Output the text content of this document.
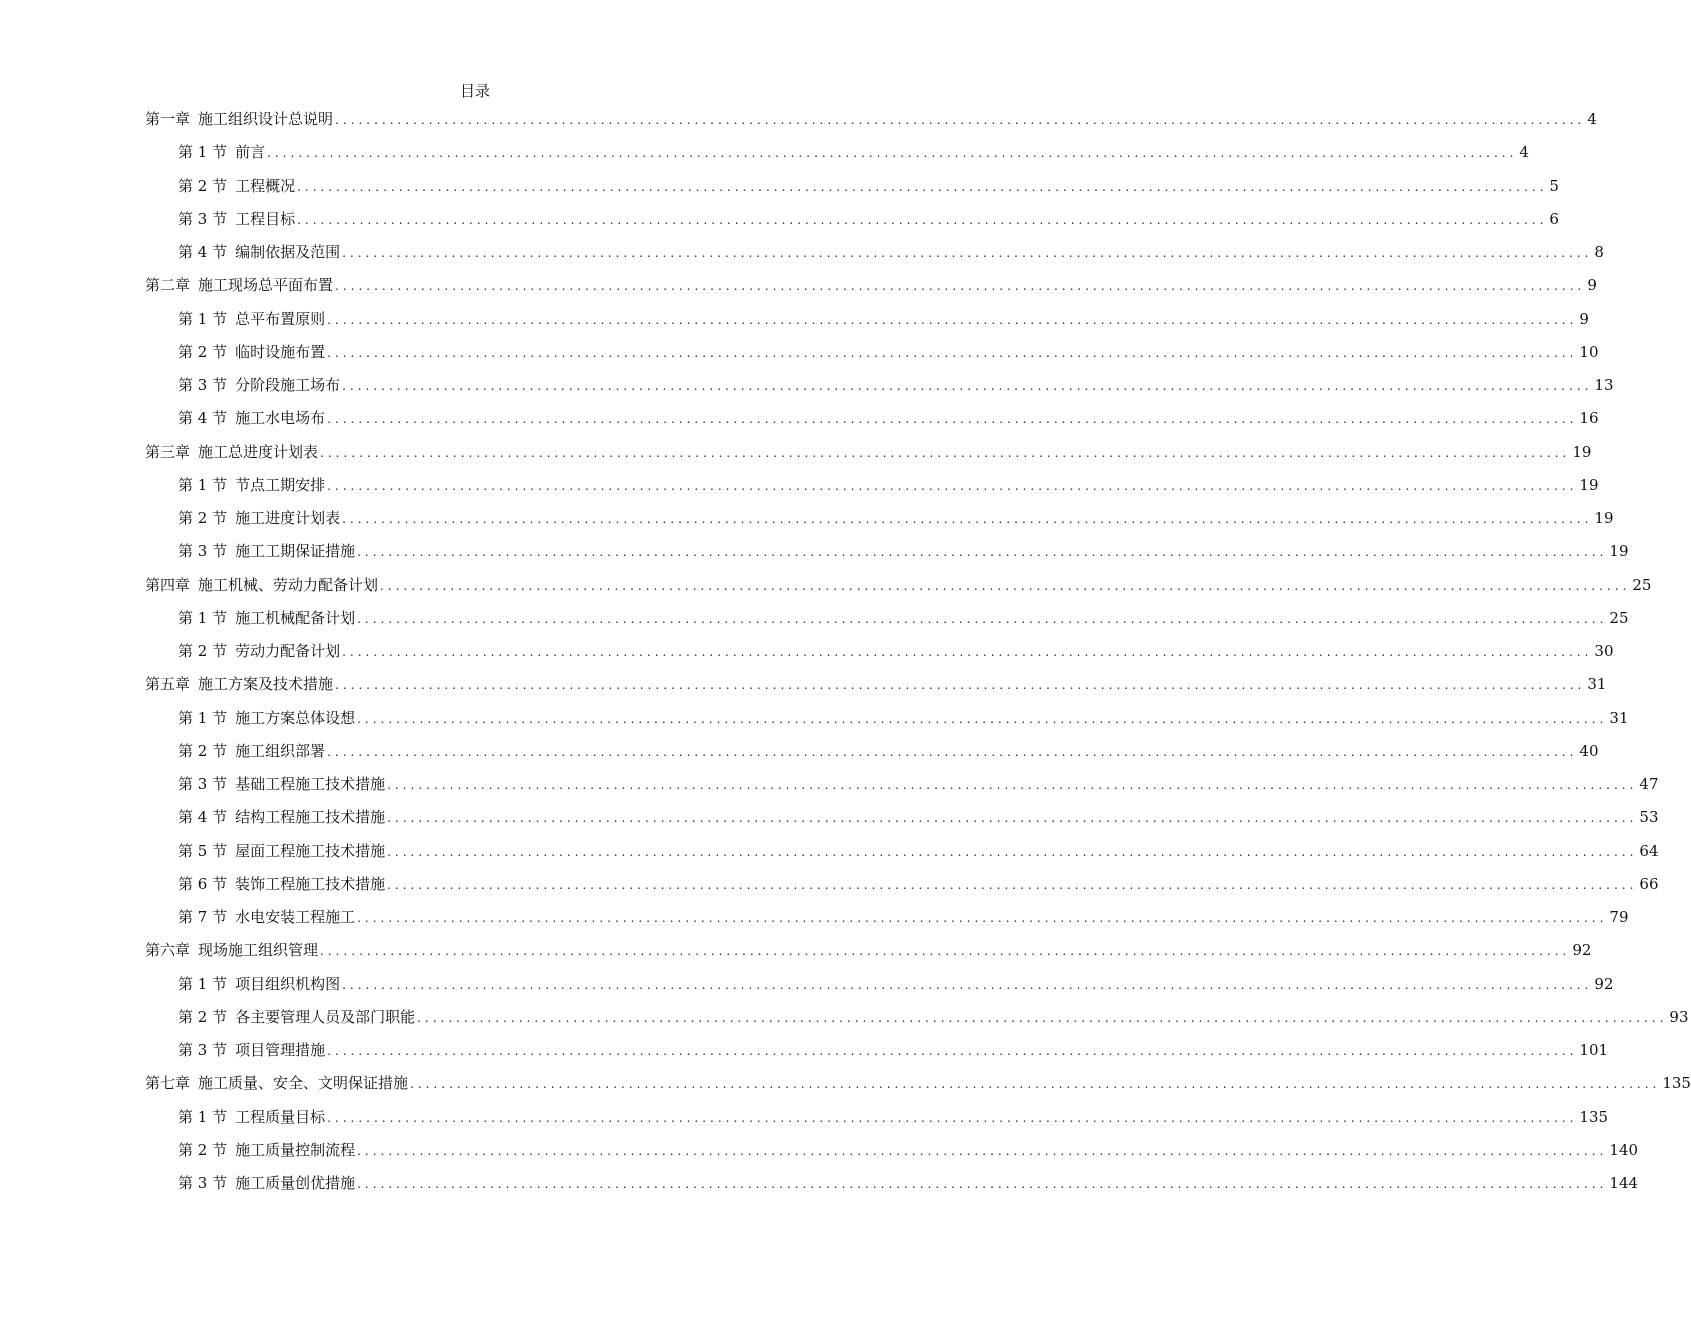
目录
第一章 施工组织设计总说明 ................................................................................................................................................................ 4
第 1 节 前言 ................................................................................................................................................................ 4
第 2 节 工程概况 ................................................................................................................................................................ 5
第 3 节 工程目标 ................................................................................................................................................................ 6
第 4 节 编制依据及范围 ................................................................................................................................................................ 8
第二章 施工现场总平面布置 ................................................................................................................................................................ 9
第 1 节 总平布置原则 ................................................................................................................................................................ 9
第 2 节 临时设施布置 ................................................................................................................................................................ 10
第 3 节 分阶段施工场布 ................................................................................................................................................................ 13
第 4 节 施工水电场布 ................................................................................................................................................................ 16
第三章 施工总进度计划表 ................................................................................................................................................................ 19
第 1 节 节点工期安排 ................................................................................................................................................................ 19
第 2 节 施工进度计划表 ................................................................................................................................................................ 19
第 3 节 施工工期保证措施 ................................................................................................................................................................ 19
第四章 施工机械、劳动力配备计划 ................................................................................................................................................................ 25
第 1 节 施工机械配备计划 ................................................................................................................................................................ 25
第 2 节 劳动力配备计划 ................................................................................................................................................................ 30
第五章 施工方案及技术措施 ................................................................................................................................................................ 31
第 1 节 施工方案总体设想 ................................................................................................................................................................ 31
第 2 节 施工组织部署 ................................................................................................................................................................ 40
第 3 节 基础工程施工技术措施 ................................................................................................................................................................ 47
第 4 节 结构工程施工技术措施 ................................................................................................................................................................ 53
第 5 节 屋面工程施工技术措施 ................................................................................................................................................................ 64
第 6 节 装饰工程施工技术措施 ................................................................................................................................................................ 66
第 7 节 水电安装工程施工 ................................................................................................................................................................ 79
第六章 现场施工组织管理 ................................................................................................................................................................ 92
第 1 节 项目组织机构图 ................................................................................................................................................................ 92
第 2 节 各主要管理人员及部门职能 ................................................................................................................................................................ 93
第 3 节 项目管理措施 ................................................................................................................................................................ 101
第七章 施工质量、安全、文明保证措施 ................................................................................................................................................................ 135
第 1 节 工程质量目标 ................................................................................................................................................................ 135
第 2 节 施工质量控制流程 ................................................................................................................................................................ 140
第 3 节 施工质量创优措施 ................................................................................................................................................................ 144
